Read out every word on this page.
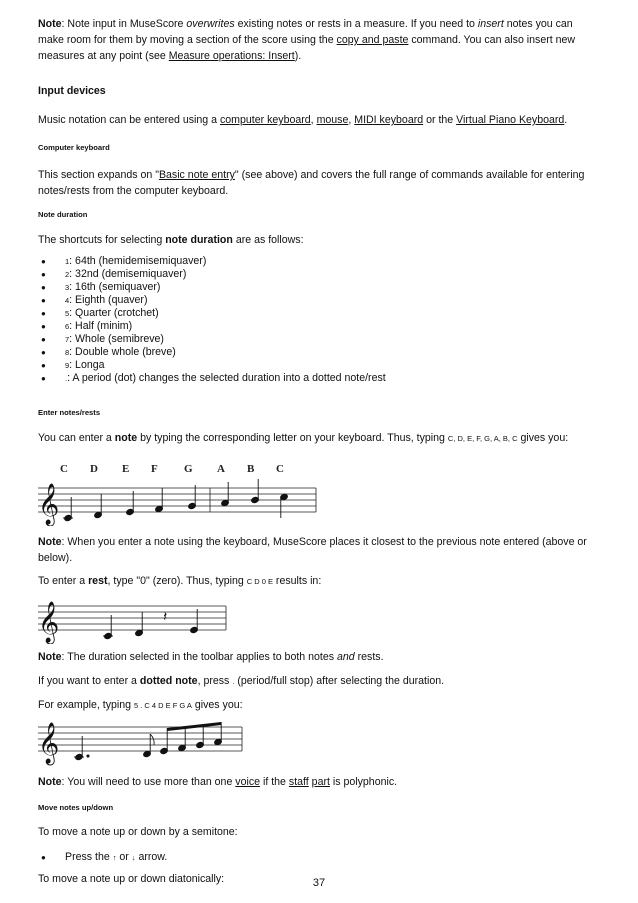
Note: Note input in MuseScore overwrites existing notes or rests in a measure. If you need to insert notes you can make room for them by moving a section of the score using the copy and paste command. You can also insert new measures at any point (see Measure operations: Insert).

Input devices

Music notation can be entered using a computer keyboard, mouse, MIDI keyboard or the Virtual Piano Keyboard.

Computer keyboard

This section expands on "Basic note entry" (see above) and covers the full range of commands available for entering notes/rests from the computer keyboard.

Note duration

The shortcuts for selecting note duration are as follows:

● 1: 64th (hemidemisemiquaver)
● 2: 32nd (demisemiquaver)
● 3: 16th (semiquaver)
● 4: Eighth (quaver)
● 5: Quarter (crotchet)
● 6: Half (minim)
● 7: Whole (semibreve)
● 8: Double whole (breve)
● 9: Longa
● .: A period (dot) changes the selected duration into a dotted note/rest

Enter notes/rests

You can enter a note by typing the corresponding letter on your keyboard. Thus, typing C, D, E, F, G, A, B, C gives you:

𝄞
C D E F G A B C

Note: When you enter a note using the keyboard, MuseScore places it closest to the previous note entered (above or below).

To enter a rest, type "0" (zero). Thus, typing C D 0 E results in:

𝄞	𝄽

Note: The duration selected in the toolbar applies to both notes and rests.

If you want to enter a dotted note, press . (period/full stop) after selecting the duration.

For example, typing 5 . C 4 D E F G A gives you:

𝄞

Note: You will need to use more than one voice if the staff part is polyphonic.

Move notes up/down

To move a note up or down by a semitone:

● Press the ↑ or ↓ arrow.

To move a note up or down diatonically:	37
